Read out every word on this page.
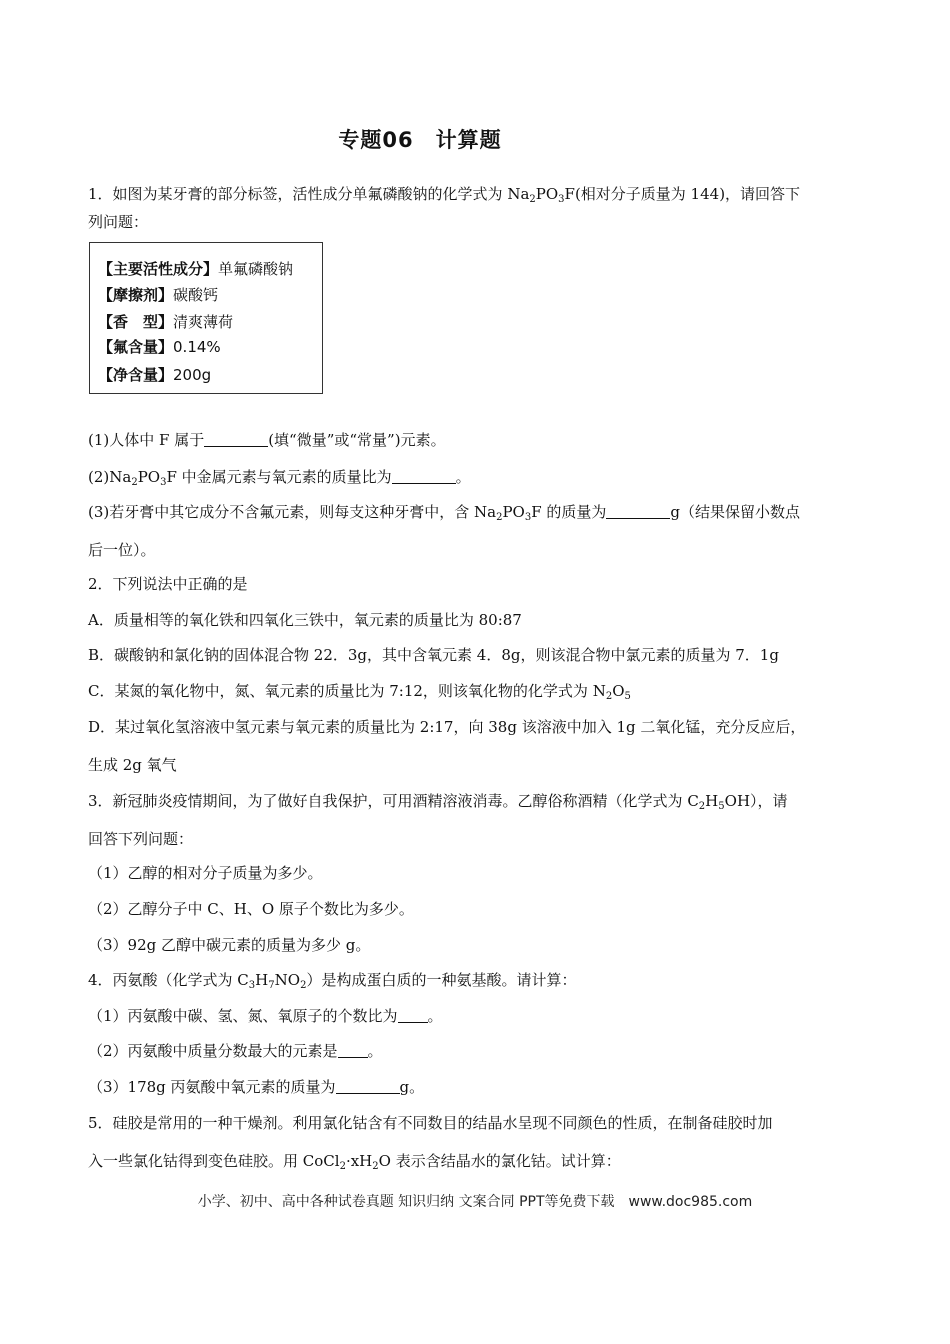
专题06 计算题
1．如图为某牙膏的部分标签，活性成分单氟磷酸钠的化学式为 $Na_2PO_3F$(相对分子质量为 144)，请回答下
列问题：
【主要活性成分】单氟磷酸钠
【摩擦剂】碳酸钙
【香　型】清爽薄荷
【氟含量】0.14%
【净含量】200g
(1)人体中 F 属于	(填“微量”或“常量”)元素。
$(2)Na_2PO_3F$ 中金属元素与氧元素的质量比为	。
(3)若牙膏中其它成分不含氟元素，则每支这种牙膏中，含 $Na_2PO_3F$ 的质量为	g（结果保留小数点
后一位）。
2．下列说法中正确的是
A．质量相等的氧化铁和四氧化三铁中，氧元素的质量比为 80:87
B．碳酸钠和氯化钠的固体混合物 22．3g，其中含氧元素 4．8g，则该混合物中氯元素的质量为 7．1g
C．某氮的氧化物中，氮、氧元素的质量比为 7:12，则该氧化物的化学式为 $N_2O_5$
D．某过氧化氢溶液中氢元素与氧元素的质量比为 2:17，向 38g 该溶液中加入 1g 二氧化锰，充分反应后，
生成 2g 氧气
3．新冠肺炎疫情期间，为了做好自我保护，可用酒精溶液消毒。乙醇俗称酒精（化学式为 $C_2H_5OH$），请
回答下列问题：
（1）乙醇的相对分子质量为多少。
（2）乙醇分子中 C、H、O 原子个数比为多少。
（3）92g 乙醇中碳元素的质量为多少 g。
4．丙氨酸（化学式为 $C_3H_7NO_2$）是构成蛋白质的一种氨基酸。请计算：
（1）丙氨酸中碳、氢、氮、氧原子的个数比为 。
（2）丙氨酸中质量分数最大的元素是 。
（3）178g 丙氨酸中氧元素的质量为	g。
5．硅胶是常用的一种干燥剂。利用氯化钴含有不同数目的结晶水呈现不同颜色的性质，在制备硅胶时加
入一些氯化钴得到变色硅胶。用 $CoCl_2\cdot xH_2O$ 表示含结晶水的氯化钴。试计算：
小学、初中、高中各种试卷真题 知识归纳 文案合同 PPT等免费下载　www.doc985.com
